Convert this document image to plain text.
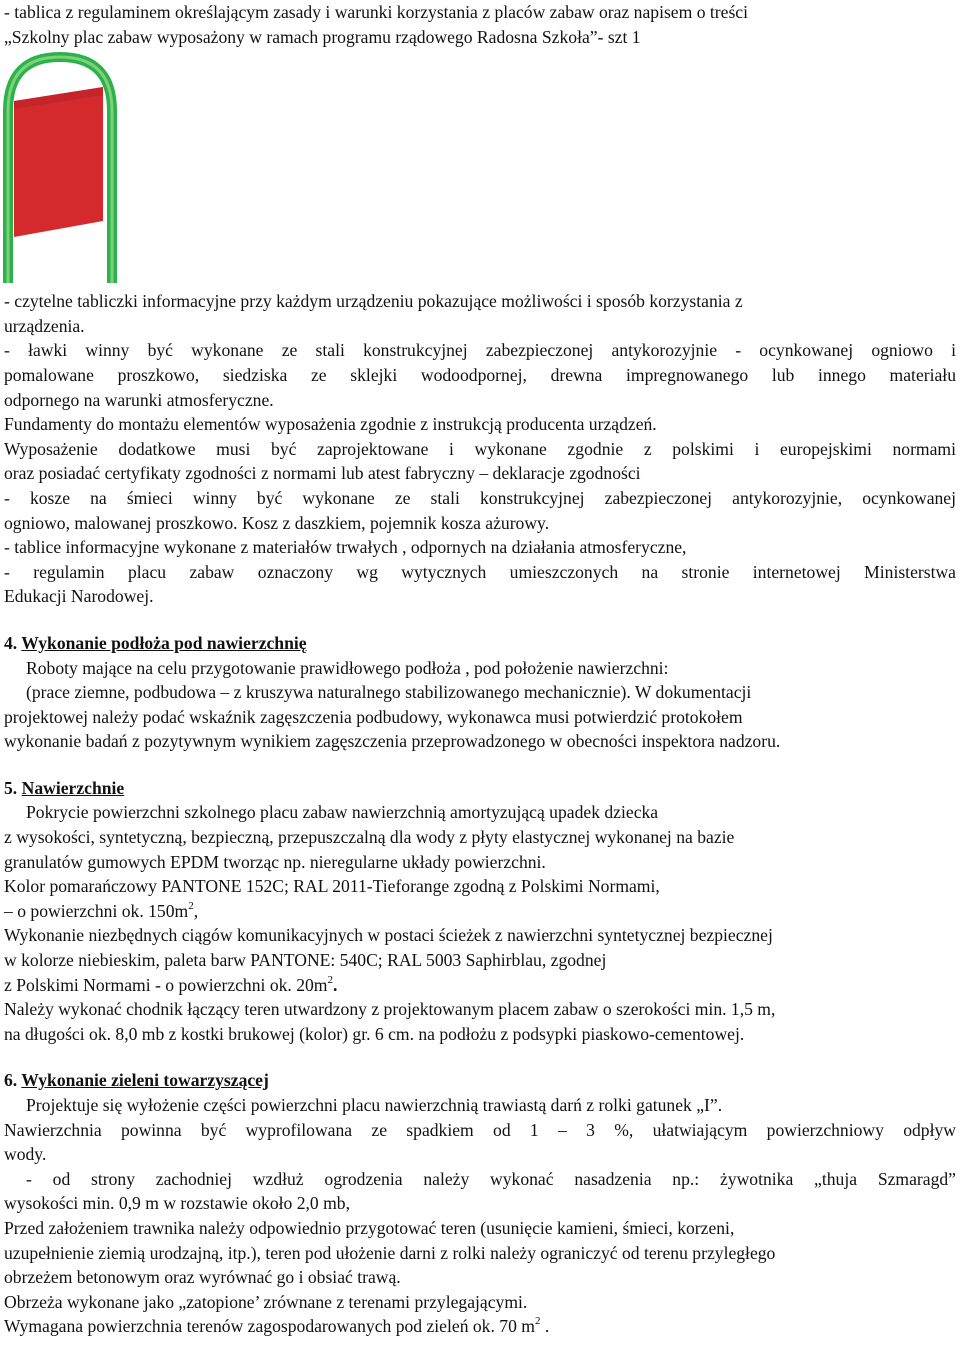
- tablica z regulaminem określającym zasady i warunki korzystania z placów zabaw oraz napisem o treści
„Szkolny plac zabaw wyposażony w ramach programu rządowego Radosna Szkoła”- szt 1
- czytelne tabliczki informacyjne przy każdym urządzeniu pokazujące możliwości i sposób korzystania z
urządzenia.
- ławki winny być wykonane ze stali konstrukcyjnej zabezpieczonej antykorozyjnie - ocynkowanej ogniowo i
pomalowane proszkowo, siedziska ze sklejki wodoodpornej, drewna impregnowanego lub innego materiału
odpornego na warunki atmosferyczne.
Fundamenty do montażu elementów wyposażenia zgodnie z instrukcją producenta urządzeń.
Wyposażenie dodatkowe musi być zaprojektowane i wykonane zgodnie z polskimi i europejskimi normami
oraz posiadać certyfikaty zgodności z normami lub atest fabryczny – deklaracje zgodności
- kosze na śmieci winny być wykonane ze stali konstrukcyjnej zabezpieczonej antykorozyjnie, ocynkowanej
ogniowo, malowanej proszkowo. Kosz z daszkiem, pojemnik kosza ażurowy.
- tablice informacyjne wykonane z materiałów trwałych , odpornych na działania atmosferyczne,
- regulamin placu zabaw oznaczony wg wytycznych umieszczonych na stronie internetowej Ministerstwa
Edukacji Narodowej.
4. Wykonanie podłoża pod nawierzchnię
Roboty mające na celu przygotowanie prawidłowego podłoża , pod położenie nawierzchni:
(prace ziemne, podbudowa – z kruszywa naturalnego stabilizowanego mechanicznie). W dokumentacji
projektowej należy podać wskaźnik zagęszczenia podbudowy, wykonawca musi potwierdzić protokołem
wykonanie badań z pozytywnym wynikiem zagęszczenia przeprowadzonego w obecności inspektora nadzoru.
5. Nawierzchnie
Pokrycie powierzchni szkolnego placu zabaw nawierzchnią amortyzującą upadek dziecka
z wysokości, syntetyczną, bezpieczną, przepuszczalną dla wody z płyty elastycznej wykonanej na bazie
granulatów gumowych EPDM tworząc np. nieregularne układy powierzchni.
Kolor pomarańczowy PANTONE 152C; RAL 2011-Tieforange zgodną z Polskimi Normami,
– o powierzchni ok. $150m^2$,
Wykonanie niezbędnych ciągów komunikacyjnych w postaci ścieżek z nawierzchni syntetycznej bezpiecznej
w kolorze niebieskim, paleta barw PANTONE: 540C; RAL 5003 Saphirblau, zgodnej
z Polskimi Normami - o powierzchni ok. $20m^2$.
Należy wykonać chodnik łączący teren utwardzony z projektowanym placem zabaw o szerokości min. 1,5 m,
na długości ok. 8,0 mb z kostki brukowej (kolor) gr. 6 cm. na podłożu z podsypki piaskowo-cementowej.
6. Wykonanie zieleni towarzyszącej
Projektuje się wyłożenie części powierzchni placu nawierzchnią trawiastą darń z rolki gatunek „I”.
Nawierzchnia powinna być wyprofilowana ze spadkiem od 1 – 3 %, ułatwiającym powierzchniowy odpływ
wody.
- od strony zachodniej wzdłuż ogrodzenia należy wykonać nasadzenia np.: żywotnika „thuja Szmaragd”
wysokości min. 0,9 m w rozstawie około 2,0 mb,
Przed założeniem trawnika należy odpowiednio przygotować teren (usunięcie kamieni, śmieci, korzeni,
uzupełnienie ziemią urodzajną, itp.), teren pod ułożenie darni z rolki należy ograniczyć od terenu przyległego
obrzeżem betonowym oraz wyrównać go i obsiać trawą.
Obrzeża wykonane jako „zatopione’ zrównane z terenami przylegającymi.
Wymagana powierzchnia terenów zagospodarowanych pod zieleń ok. 70 $m^2$ .
